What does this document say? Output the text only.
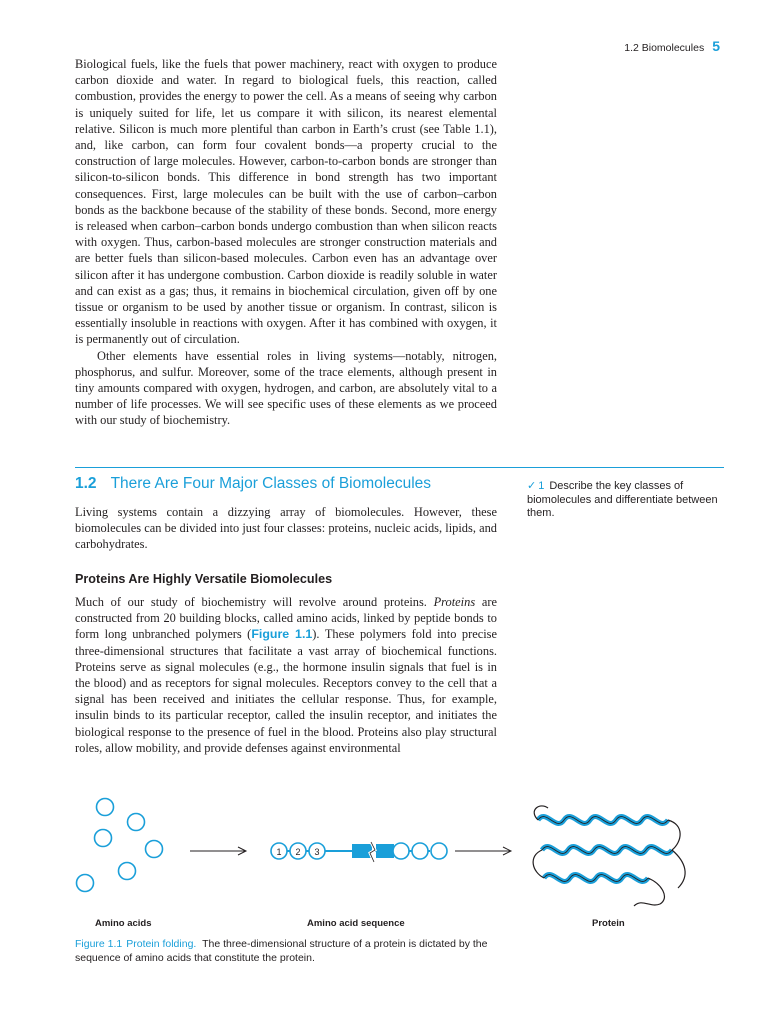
1.2 Biomolecules 5

Biological fuels, like the fuels that power machinery, react with oxygen to produce carbon dioxide and water. In regard to biological fuels, this reaction, called combustion, provides the energy to power the cell. As a means of seeing why carbon is uniquely suited for life, let us compare it with silicon, its nearest elemental relative. Silicon is much more plentiful than carbon in Earth’s crust (see Table 1.1), and, like carbon, can form four covalent bonds—a property crucial to the construction of large molecules. However, carbon-to-carbon bonds are stronger than silicon-to-silicon bonds. This difference in bond strength has two important consequences. First, large molecules can be built with the use of carbon–carbon bonds as the backbone because of the stability of these bonds. Second, more energy is released when carbon–carbon bonds undergo combustion than when silicon reacts with oxygen. Thus, carbon-based molecules are stronger construction materials and are better fuels than silicon-based molecules. Carbon even has an advantage over silicon after it has undergone combustion. Carbon dioxide is readily soluble in water and can exist as a gas; thus, it remains in biochemical circulation, given off by one tissue or organism to be used by another tissue or organism. In contrast, silicon is essentially insoluble in reactions with oxygen. After it has combined with oxygen, it is permanently out of circulation.

Other elements have essential roles in living systems—notably, nitrogen, phosphorus, and sulfur. Moreover, some of the trace elements, although present in tiny amounts compared with oxygen, hydrogen, and carbon, are absolutely vital to a number of life processes. We will see specific uses of these elements as we proceed with our study of biochemistry.

1.2 There Are Four Major Classes of Biomolecules	✓ 1 Describe the key classes of biomolecules and differentiate between them.

Living systems contain a dizzying array of biomolecules. However, these biomolecules can be divided into just four classes: proteins, nucleic acids, lipids, and carbohydrates.

Proteins Are Highly Versatile Biomolecules

Much of our study of biochemistry will revolve around proteins. Proteins are constructed from 20 building blocks, called amino acids, linked by peptide bonds to form long unbranched polymers (Figure 1.1). These polymers fold into precise three-dimensional structures that facilitate a vast array of biochemical functions. Proteins serve as signal molecules (e.g., the hormone insulin signals that fuel is in the blood) and as receptors for signal molecules. Receptors convey to the cell that a signal has been received and initiates the cellular response. Thus, for example, insulin binds to its particular receptor, called the insulin receptor, and initiates the biological response to the presence of fuel in the blood. Proteins also play structural roles, allow mobility, and provide defenses against environmental

1 2 3
Amino acids	Amino acid sequence	Protein
Figure 1.1 Protein folding. The three-dimensional structure of a protein is dictated by the sequence of amino acids that constitute the protein.
